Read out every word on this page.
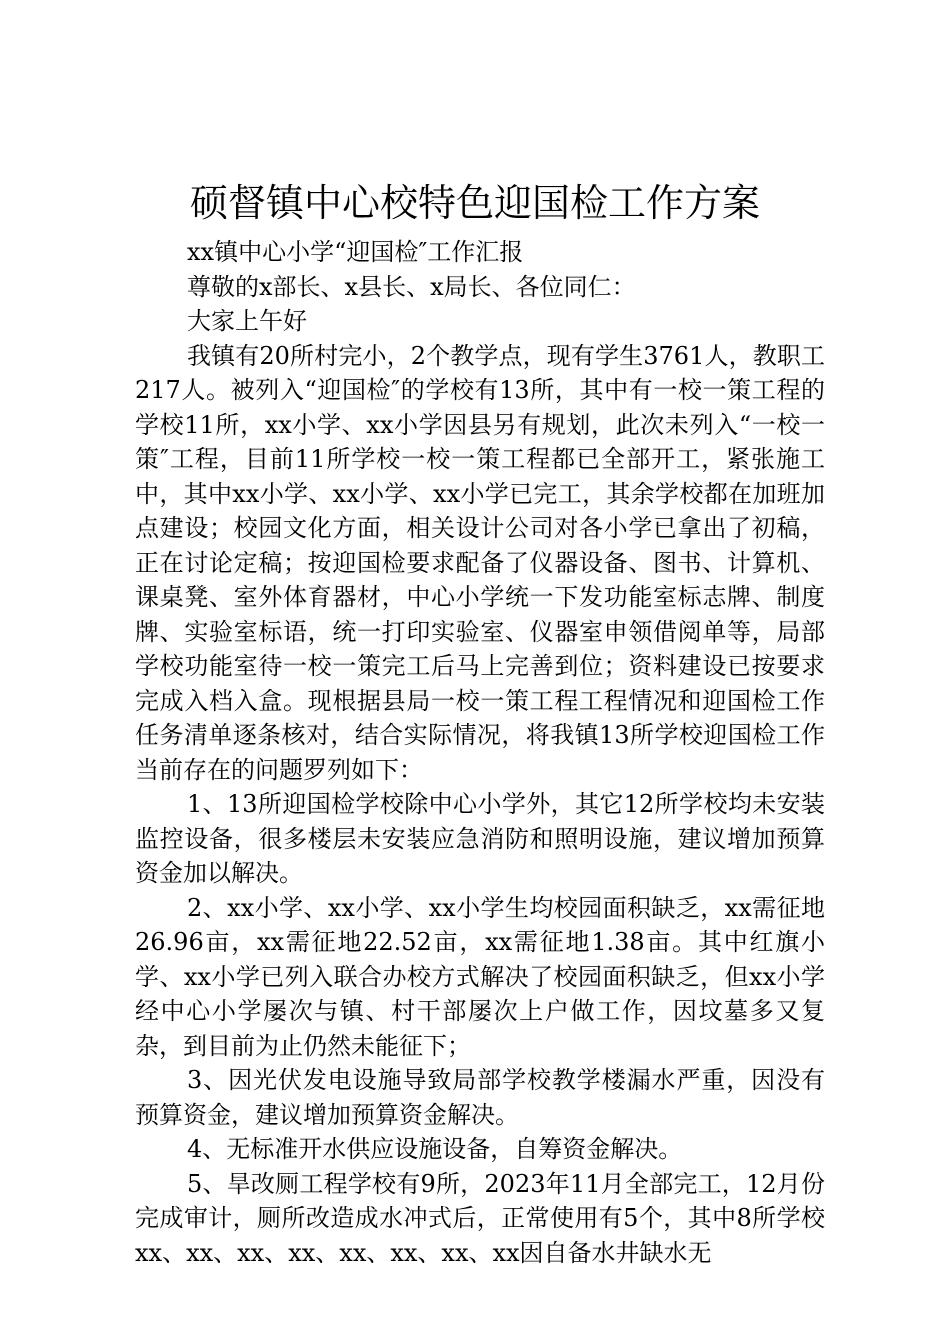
硕督镇中心校特色迎国检工作方案

xx镇中心小学“迎国检″工作汇报

尊敬的x部长、x县长、x局长、各位同仁：

大家上午好

我镇有20所村完小，2个教学点，现有学生3761人，教职工217人。被列入“迎国检″的学校有13所，其中有一校一策工程的学校11所，xx小学、xx小学因县另有规划，此次未列入“一校一策″工程，目前11所学校一校一策工程都已全部开工，紧张施工中，其中xx小学、xx小学、xx小学已完工，其余学校都在加班加点建设；校园文化方面，相关设计公司对各小学已拿出了初稿，正在讨论定稿；按迎国检要求配备了仪器设备、图书、计算机、课桌凳、室外体育器材，中心小学统一下发功能室标志牌、制度牌、实验室标语，统一打印实验室、仪器室申领借阅单等，局部学校功能室待一校一策完工后马上完善到位；资料建设已按要求完成入档入盒。现根据县局一校一策工程工程情况和迎国检工作任务清单逐条核对，结合实际情况，将我镇13所学校迎国检工作当前存在的问题罗列如下：

1、13所迎国检学校除中心小学外，其它12所学校均未安装监控设备，很多楼层未安装应急消防和照明设施，建议增加预算资金加以解决。

2、xx小学、xx小学、xx小学生均校园面积缺乏，xx需征地26.96亩，xx需征地22.52亩，xx需征地1.38亩。其中红旗小学、xx小学已列入联合办校方式解决了校园面积缺乏，但xx小学经中心小学屡次与镇、村干部屡次上户做工作，因坟墓多又复杂，到目前为止仍然未能征下；

3、因光伏发电设施导致局部学校教学楼漏水严重，因没有预算资金，建议增加预算资金解决。

4、无标准开水供应设施设备，自筹资金解决。

5、旱改厕工程学校有9所，2023年11月全部完工，12月份完成审计，厕所改造成水冲式后，正常使用有5个，其中8所学校xx、xx、xx、xx、xx、xx、xx、xx因自备水井缺水无
